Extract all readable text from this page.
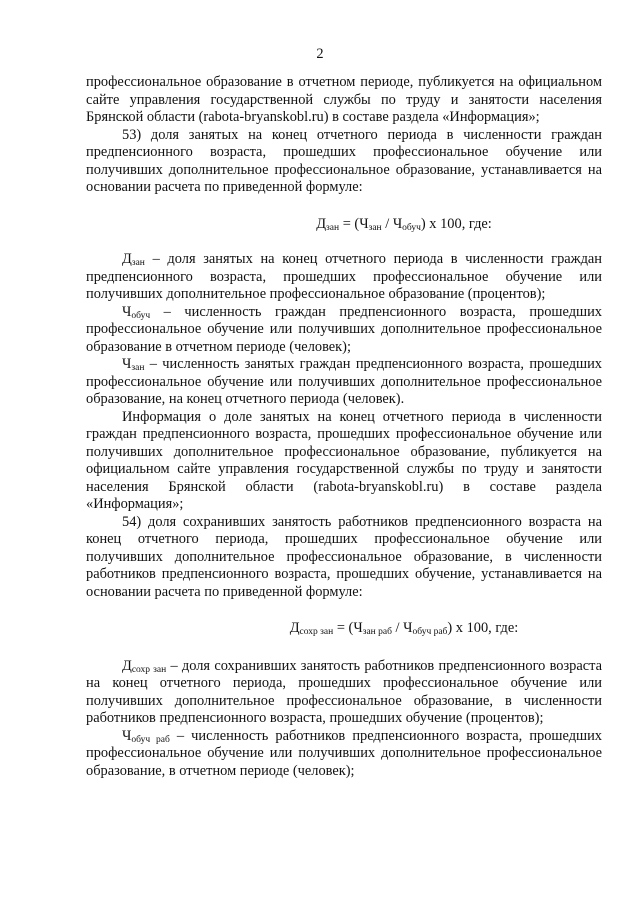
2

профессиональное образование в отчетном периоде, публикуется на официальном сайте управления государственной службы по труду и занятости населения Брянской области (rabota-bryanskobl.ru) в составе раздела «Информация»;

53) доля занятых на конец отчетного периода в численности граждан предпенсионного возраста, прошедших профессиональное обучение или получивших дополнительное профессиональное образование, устанавливается на основании расчета по приведенной формуле:

$Д_{зан} = (Ч_{зан} / Ч_{обуч})$ х 100, где:

$Д_{зан}$ – доля занятых на конец отчетного периода в численности граждан предпенсионного возраста, прошедших профессиональное обучение или получивших дополнительное профессиональное образование (процентов);

$Ч_{обуч}$ – численность граждан предпенсионного возраста, прошедших профессиональное обучение или получивших дополнительное профессиональное образование в отчетном периоде (человек);

$Ч_{зан}$ – численность занятых граждан предпенсионного возраста, прошедших профессиональное обучение или получивших дополнительное профессиональное образование, на конец отчетного периода (человек).

Информация о доле занятых на конец отчетного периода в численности граждан предпенсионного возраста, прошедших профессиональное обучение или получивших дополнительное профессиональное образование, публикуется на официальном сайте управления государственной службы по труду и занятости населения Брянской области (rabota-bryanskobl.ru) в составе раздела «Информация»;

54) доля сохранивших занятость работников предпенсионного возраста на конец отчетного периода, прошедших профессиональное обучение или получивших дополнительное профессиональное образование, в численности работников предпенсионного возраста, прошедших обучение, устанавливается на основании расчета по приведенной формуле:

$Д_{сохр зан} = (Ч_{зан раб} / Ч_{обуч раб})$ х 100, где:

$Д_{сохр зан}$ – доля сохранивших занятость работников предпенсионного возраста на конец отчетного периода, прошедших профессиональное обучение или получивших дополнительное профессиональное образование, в численности работников предпенсионного возраста, прошедших обучение (процентов);

$Ч_{обуч раб}$ – численность работников предпенсионного возраста, прошедших профессиональное обучение или получивших дополнительное профессиональное образование, в отчетном периоде (человек);
